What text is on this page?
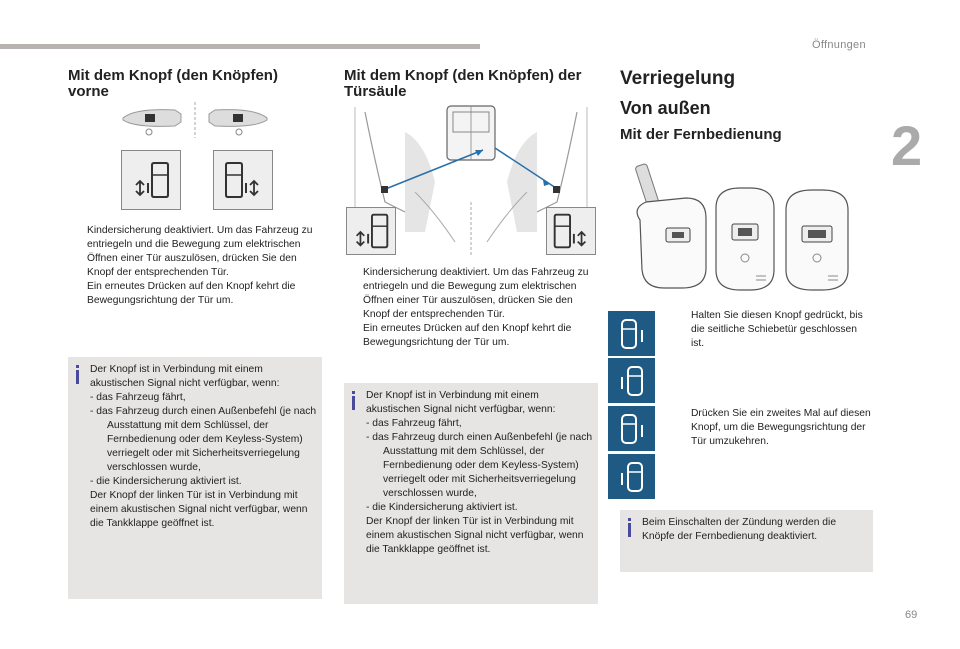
Öffnungen
2
69
Mit dem Knopf (den Knöpfen) vorne
Kindersicherung deaktiviert. Um das Fahrzeug zu entriegeln und die Bewegung zum elektrischen Öffnen einer Tür auszulösen, drücken Sie den Knopf der entsprechenden Tür.
Ein erneutes Drücken auf den Knopf kehrt die Bewegungsrichtung der Tür um.
Der Knopf ist in Verbindung mit einem akustischen Signal nicht verfügbar, wenn:
- das Fahrzeug fährt,
- das Fahrzeug durch einen Außenbefehl (je nach Ausstattung mit dem Schlüssel, der Fernbedienung oder dem Keyless-System) verriegelt oder mit Sicherheitsverriegelung verschlossen wurde,
- die Kindersicherung aktiviert ist.
Der Knopf der linken Tür ist in Verbindung mit einem akustischen Signal nicht verfügbar, wenn die Tankklappe geöffnet ist.
Mit dem Knopf (den Knöpfen) der Türsäule
Kindersicherung deaktiviert. Um das Fahrzeug zu entriegeln und die Bewegung zum elektrischen Öffnen einer Tür auszulösen, drücken Sie den Knopf der entsprechenden Tür.
Ein erneutes Drücken auf den Knopf kehrt die Bewegungsrichtung der Tür um.
Der Knopf ist in Verbindung mit einem akustischen Signal nicht verfügbar, wenn:
- das Fahrzeug fährt,
- das Fahrzeug durch einen Außenbefehl (je nach Ausstattung mit dem Schlüssel, der Fernbedienung oder dem Keyless-System) verriegelt oder mit Sicherheitsverriegelung verschlossen wurde,
- die Kindersicherung aktiviert ist.
Der Knopf der linken Tür ist in Verbindung mit einem akustischen Signal nicht verfügbar, wenn die Tankklappe geöffnet ist.
Verriegelung
Von außen
Mit der Fernbedienung
Halten Sie diesen Knopf gedrückt, bis die seitliche Schiebetür geschlossen ist.
Drücken Sie ein zweites Mal auf diesen Knopf, um die Bewegungsrichtung der Tür umzukehren.
Beim Einschalten der Zündung werden die Knöpfe der Fernbedienung deaktiviert.
